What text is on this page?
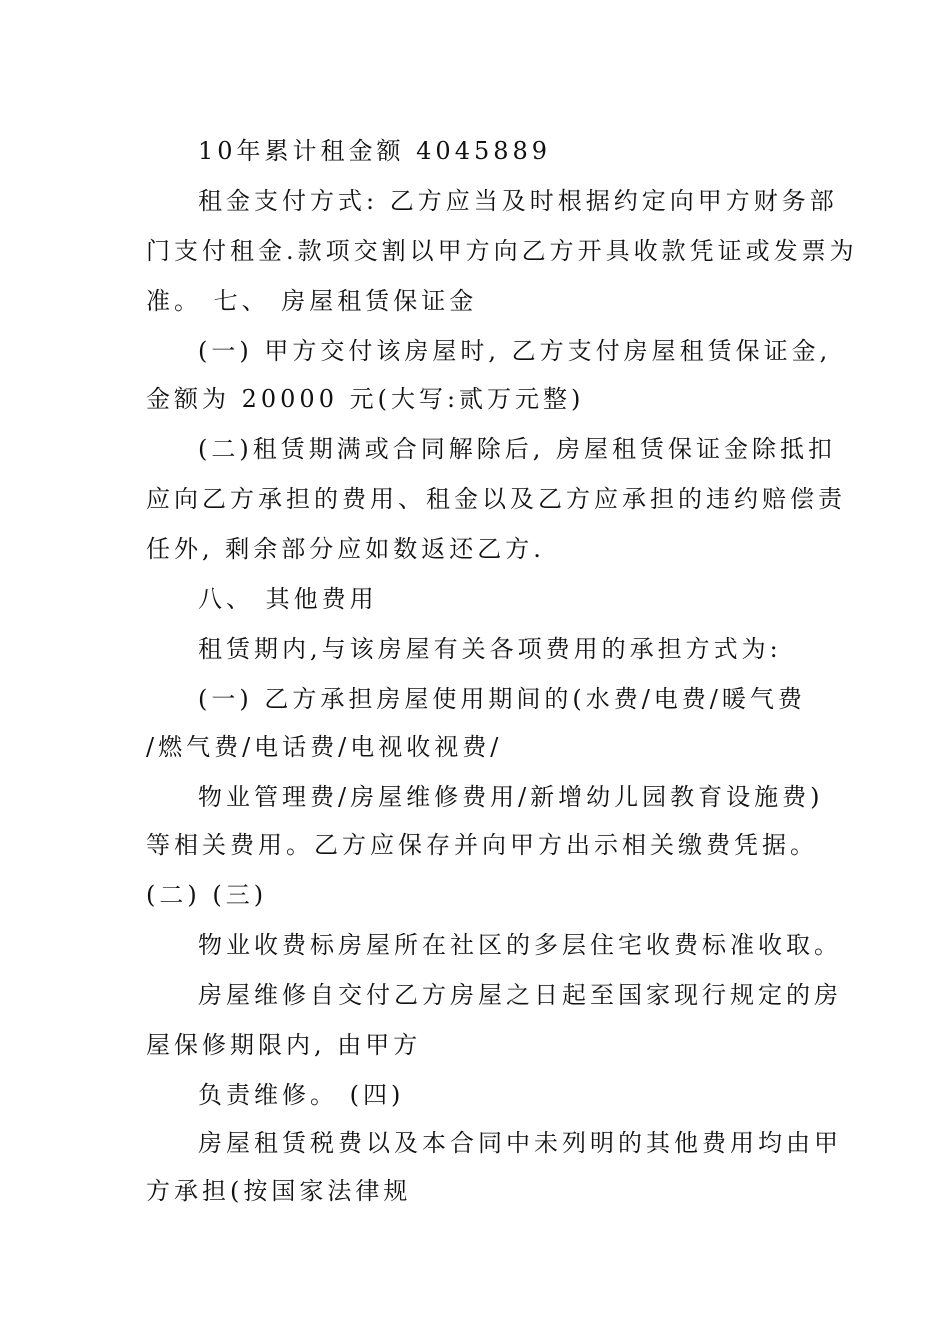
10年累计租金额 4045889
租金支付方式: 乙方应当及时根据约定向甲方财务部
门支付租金.款项交割以甲方向乙方开具收款凭证或发票为
准。 七、 房屋租赁保证金
(一) 甲方交付该房屋时, 乙方支付房屋租赁保证金,
金额为 20000 元(大写:贰万元整)
(二)租赁期满或合同解除后, 房屋租赁保证金除抵扣
应向乙方承担的费用、租金以及乙方应承担的违约赔偿责
任外, 剩余部分应如数返还乙方.
八、 其他费用
租赁期内,与该房屋有关各项费用的承担方式为:
(一) 乙方承担房屋使用期间的(水费/电费/暖气费
/燃气费/电话费/电视收视费/
物业管理费/房屋维修费用/新增幼儿园教育设施费)
等相关费用。乙方应保存并向甲方出示相关缴费凭据。
(二) (三)
物业收费标房屋所在社区的多层住宅收费标准收取。
房屋维修自交付乙方房屋之日起至国家现行规定的房
屋保修期限内, 由甲方
负责维修。 (四)
房屋租赁税费以及本合同中未列明的其他费用均由甲
方承担(按国家法律规
